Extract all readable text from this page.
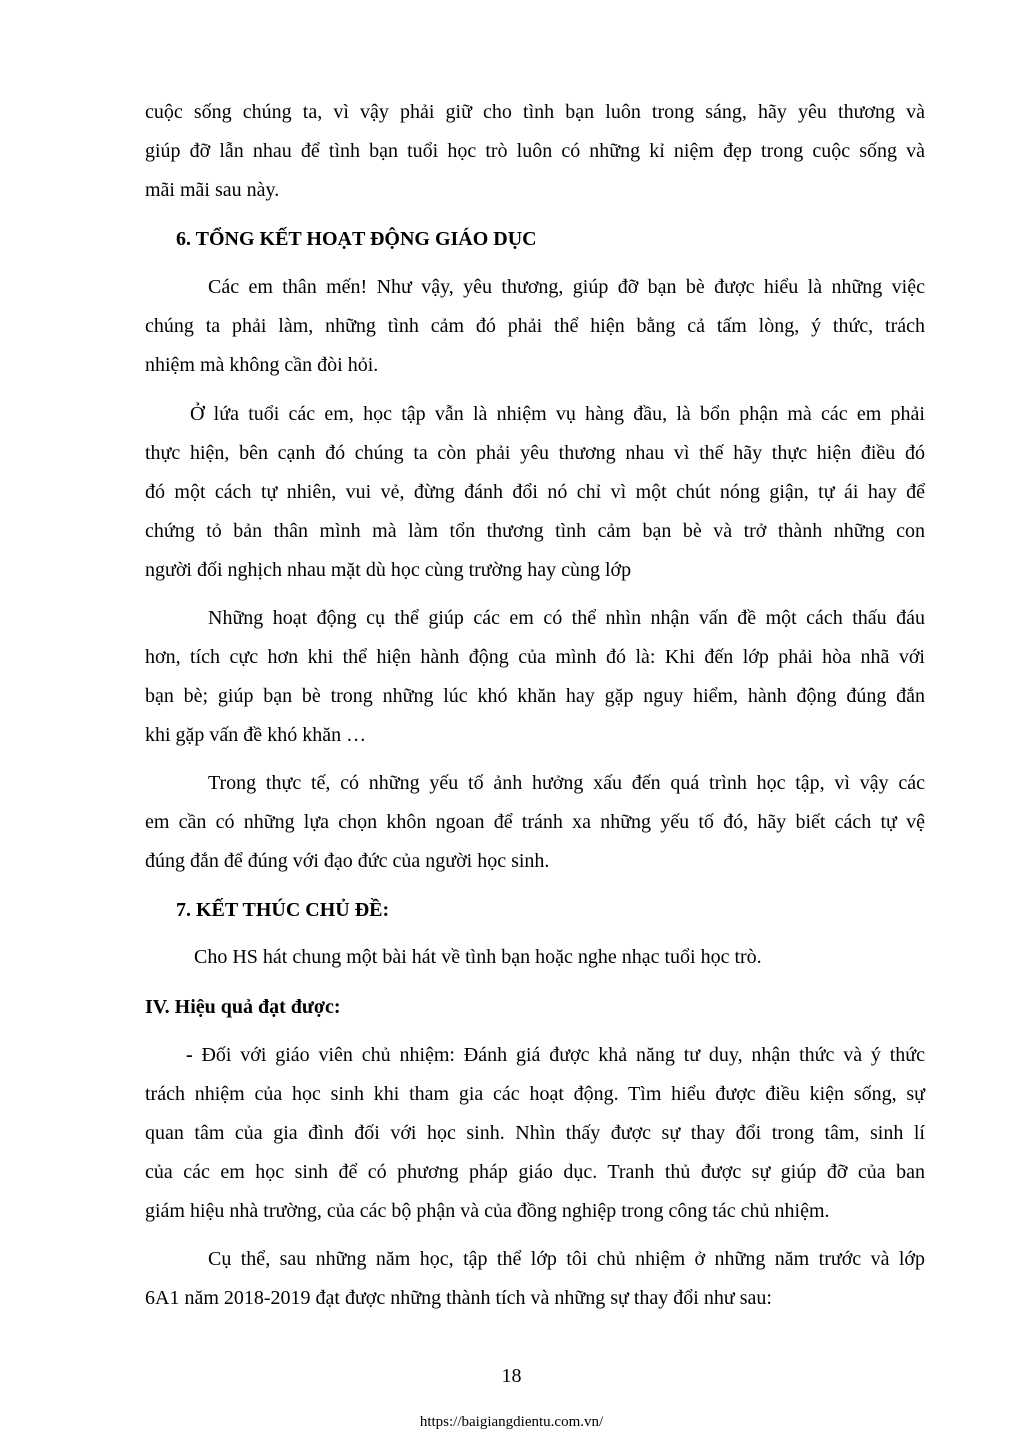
cuộc sống chúng ta, vì vậy phải giữ cho tình bạn luôn trong sáng, hãy yêu thương và

giúp đỡ lẫn nhau để tình bạn tuổi học trò luôn có những kỉ niệm đẹp trong cuộc sống và

mãi mãi sau này.

6. TỔNG KẾT HOẠT ĐỘNG GIÁO DỤC

Các em thân mến! Như vậy, yêu thương, giúp đỡ bạn bè được hiểu là những việc

chúng ta phải làm, những tình cảm đó phải thể hiện bằng cả tấm lòng, ý thức, trách

nhiệm mà không cần đòi hỏi.

Ở lứa tuổi các em, học tập vẫn là nhiệm vụ hàng đầu, là bổn phận mà các em phải

thực hiện, bên cạnh đó chúng ta còn phải yêu thương nhau vì thế hãy thực hiện điều đó

đó một cách tự nhiên, vui vẻ, đừng đánh đổi nó chỉ vì một chút nóng giận, tự ái hay để

chứng tỏ bản thân mình mà làm tổn thương tình cảm bạn bè và trở thành những con

người đối nghịch nhau mặt dù học cùng trường hay cùng lớp

Những hoạt động cụ thể giúp các em có thể nhìn nhận vấn đề một cách thấu đáu

hơn, tích cực hơn khi thể hiện hành động của mình đó là: Khi đến lớp phải hòa nhã với

bạn bè; giúp bạn bè trong những lúc khó khăn hay gặp nguy hiểm, hành động đúng đắn

khi gặp vấn đề khó khăn …

Trong thực tế, có những yếu tố ảnh hưởng xấu đến quá trình học tập, vì vậy các

em cần có những lựa chọn khôn ngoan để tránh xa những yếu tố đó, hãy biết cách tự vệ

đúng đắn để đúng với đạo đức của người học sinh.

7. KẾT THÚC CHỦ ĐỀ:

Cho HS hát chung một bài hát về tình bạn hoặc nghe nhạc tuổi học trò.

IV. Hiệu quả đạt được:

- Đối với giáo viên chủ nhiệm: Đánh giá được khả năng tư duy, nhận thức và ý thức

trách nhiệm của học sinh khi tham gia các hoạt động. Tìm hiểu được điều kiện sống, sự

quan tâm của gia đình đối với học sinh. Nhìn thấy được sự thay đổi trong tâm, sinh lí

của các em học sinh để có phương pháp giáo dục. Tranh thủ được sự giúp đỡ của ban

giám hiệu nhà trường, của các bộ phận và của đồng nghiệp trong công tác chủ nhiệm.

Cụ thể, sau những năm học, tập thể lớp tôi chủ nhiệm ở những năm trước và lớp

6A1 năm 2018-2019 đạt được những thành tích và những sự thay đổi như sau:

18
https://baigiangdientu.com.vn/
